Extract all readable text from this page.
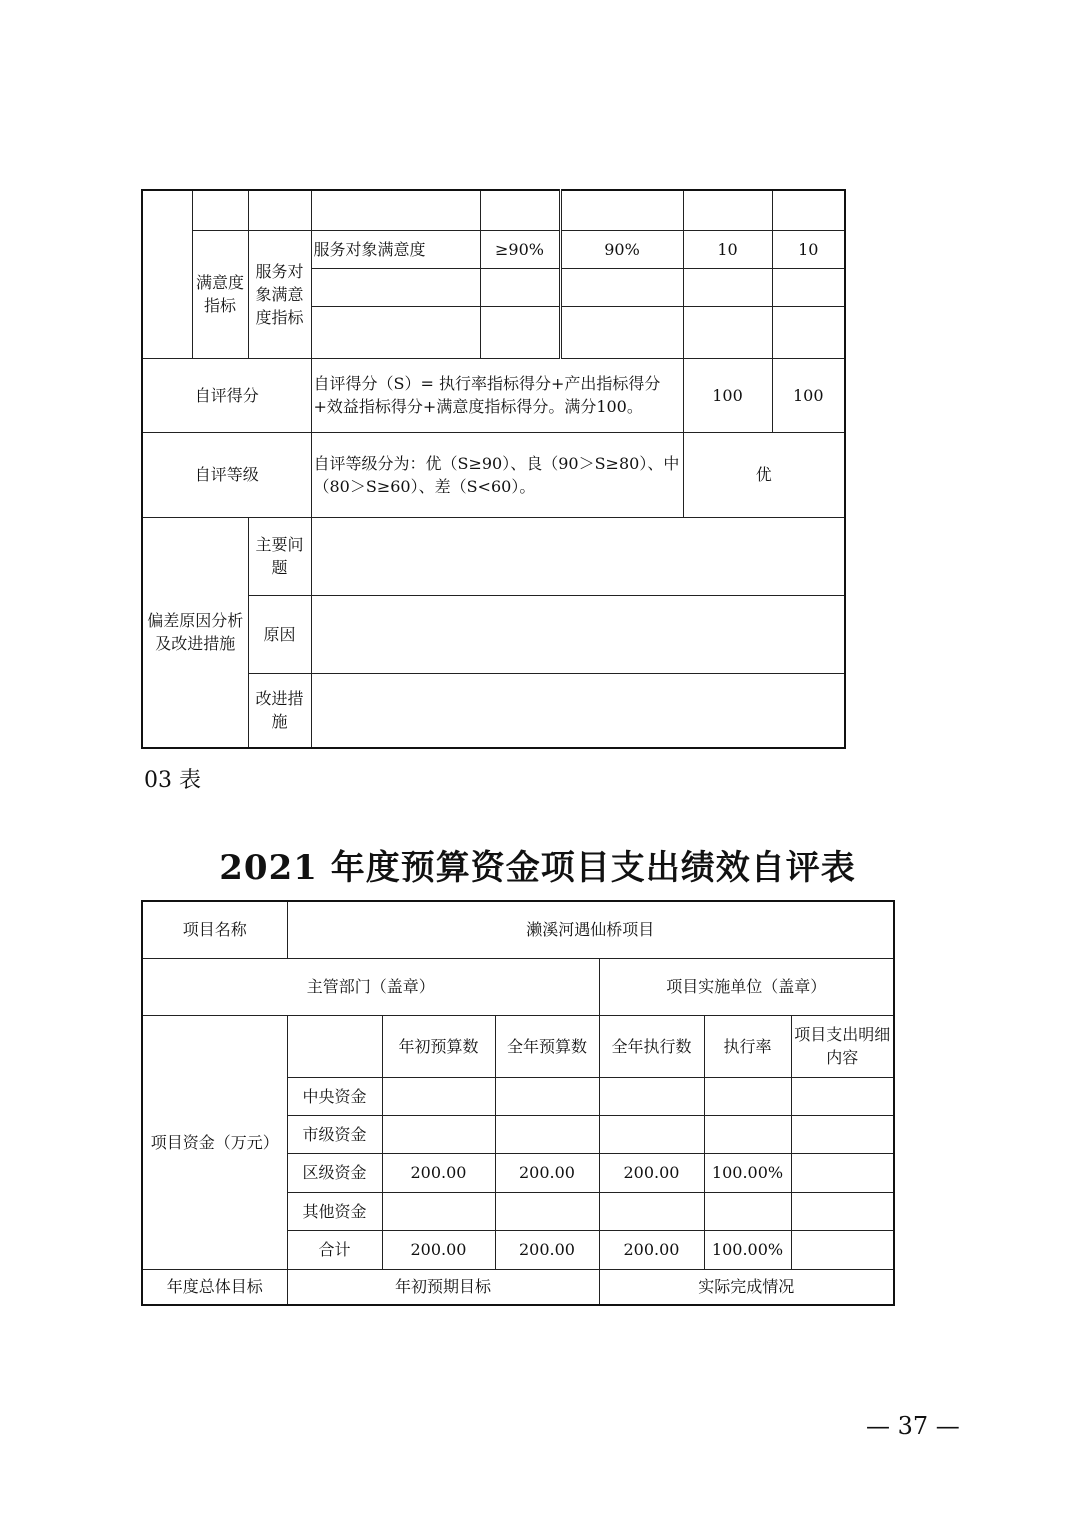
	满意度指标	服务对象满意度指标	服务对象满意度	≥90%	90%	10	10

自评得分			自评得分（S）= 执行率指标得分+产出指标得分+效益指标得分+满意度指标得分。满分100。			100	100
自评等级			自评等级分为：优（S≥90）、良（90＞S≥80）、中（80＞S≥60）、差（S<60）。			优	
偏差原因分析及改进措施		主要问题					
		原因					
		改进措施					
03 表
2021 年度预算资金项目支出绩效自评表
项目名称	濑溪河遇仙桥项目					
主管部门（盖章）				项目实施单位（盖章）		
项目资金（万元）		年初预算数	全年预算数	全年执行数	执行率	项目支出明细内容
	中央资金					
	市级资金					
	区级资金	200.00	200.00	200.00	100.00%	
	其他资金					
	合计	200.00	200.00	200.00	100.00%	
年度总体目标	年初预期目标			实际完成情况		
— 37 —
